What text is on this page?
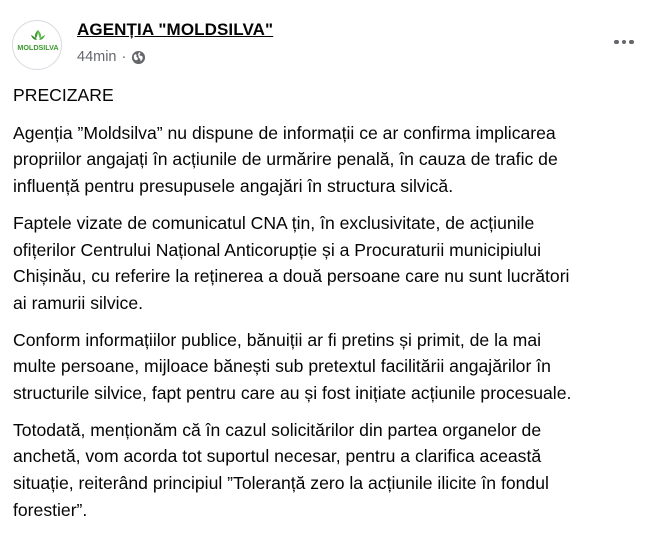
MOLDSILVA
AGENȚIA "MOLDSILVA"
44min ·

PRECIZARE

Agenția ”Moldsilva” nu dispune de informații ce ar confirma implicarea
propriilor angajați în acțiunile de urmărire penală, în cauza de trafic de
influență pentru presupusele angajări în structura silvică.

Faptele vizate de comunicatul CNA țin, în exclusivitate, de acțiunile
ofițerilor Centrului Național Anticorupție și a Procuraturii municipiului
Chișinău, cu referire la reținerea a două persoane care nu sunt lucrători
ai ramurii silvice.

Conform informațiilor publice, bănuiții ar fi pretins și primit, de la mai
multe persoane, mijloace bănești sub pretextul facilitării angajărilor în
structurile silvice, fapt pentru care au și fost inițiate acțiunile procesuale.

Totodată, menționăm că în cazul solicitărilor din partea organelor de
anchetă, vom acorda tot suportul necesar, pentru a clarifica această
situație, reiterând principiul ”Toleranță zero la acțiunile ilicite în fondul
forestier”.
